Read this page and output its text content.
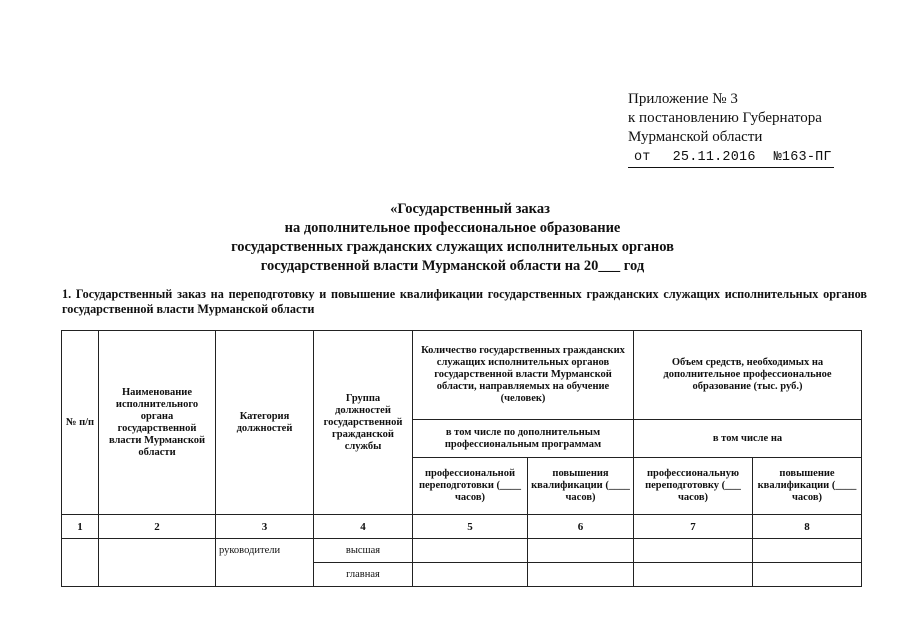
Приложение № 3
к постановлению Губернатора
Мурманской области
от 25.11.2016 №163-ПГ
«Государственный заказ
на дополнительное профессиональное образование
государственных гражданских служащих исполнительных органов
государственной власти Мурманской области на 20___ год
1. Государственный заказ на переподготовку и повышение квалификации государственных гражданских служащих исполнительных органов государственной власти Мурманской области
№ п/п	Наименование исполнительного органа государственной власти Мурманской области	Категория должностей	Группа должностей государственной гражданской службы	Количество государственных гражданских служащих исполнительных органов государственной власти Мурманской области, направляемых на обучение (человек)		Объем средств, необходимых на дополнительное профессиональное образование (тыс. руб.)	
				в том числе по дополнительным профессиональным программам		в том числе на	
				профессиональной переподготовки (____ часов)	повышения квалификации (____ часов)	профессиональную переподготовку (___ часов)	повышение квалификации (____ часов)
1	2	3	4	5	6	7	8
		руководители	высшая				
			главная				
